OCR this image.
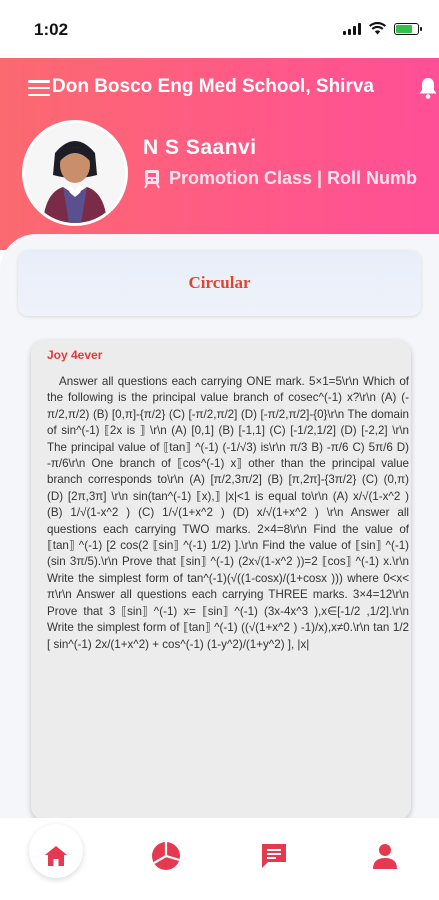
1:02
Don Bosco Eng Med School, Shirva
N S Saanvi
Promotion Class | Roll Numb
Circular
Joy 4ever
Answer all questions each carrying ONE mark. 5×1=5\r\n Which of the following is the principal value branch of cosec^(-1) x?\r\n (A) (-π/2,π/2) (B) [0,π]-{π/2} (C) [-π/2,π/2] (D) [-π/2,π/2]-{0}\r\n The domain of sin^(-1) ⟦2x is ⟧ \r\n (A) [0,1] (B) [-1,1] (C) [-1/2,1/2] (D) [-2,2] \r\n The principal value of ⟦tan⟧ ^(-1) (-1/√3) is\r\n π/3 B) -π/6 C) 5π/6 D) -π/6\r\n One branch of ⟦cos^(-1) x⟧ other than the principal value branch corresponds to\r\n (A) [π/2,3π/2] (B) [π,2π]-{3π/2} (C) (0,π) (D) [2π,3π] \r\n sin(tan^(-1) ⟦x),⟧ |x|<1 is equal to\r\n (A) x/√(1-x^2 ) (B) 1/√(1-x^2 ) (C) 1/√(1+x^2 ) (D) x/√(1+x^2 ) \r\n Answer all questions each carrying TWO marks. 2×4=8\r\n Find the value of ⟦tan⟧ ^(-1) [2 cos(2 ⟦sin⟧ ^(-1) 1/2) ].\r\n Find the value of ⟦sin⟧ ^(-1) (sin 3π/5).\r\n Prove that ⟦sin⟧ ^(-1) (2x√(1-x^2 ))=2 ⟦cos⟧ ^(-1) x.\r\n Write the simplest form of tan^(-1)(√((1-cosx)/(1+cosx ))) where 0<x< π\r\n Answer all questions each carrying THREE marks. 3×4=12\r\n Prove that 3 ⟦sin⟧ ^(-1) x= ⟦sin⟧ ^(-1) (3x-4x^3 ),x∈[-1/2 ,1/2].\r\n Write the simplest form of ⟦tan⟧ ^(-1) ((√(1+x^2 ) -1)/x),x≠0.\r\n tan 1/2 [ sin^(-1) 2x/(1+x^2) + cos^(-1) (1-y^2)/(1+y^2) ], |x|
